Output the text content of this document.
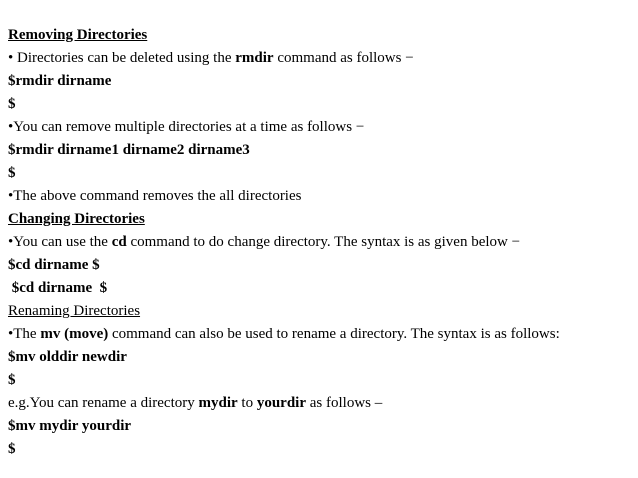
Removing Directories
• Directories can be deleted using the rmdir command as follows −
$rmdir dirname
$
•You can remove multiple directories at a time as follows −
$rmdir dirname1 dirname2 dirname3
$
•The above command removes the all directories
Changing Directories
•You can use the cd command to do change directory. The syntax is as given below −
$cd dirname $
$cd dirname  $
Renaming Directories
•The mv (move) command can also be used to rename a directory. The syntax is as follows:
$mv olddir newdir
$
e.g.You can rename a directory mydir to yourdir as follows –
$mv mydir yourdir
$
